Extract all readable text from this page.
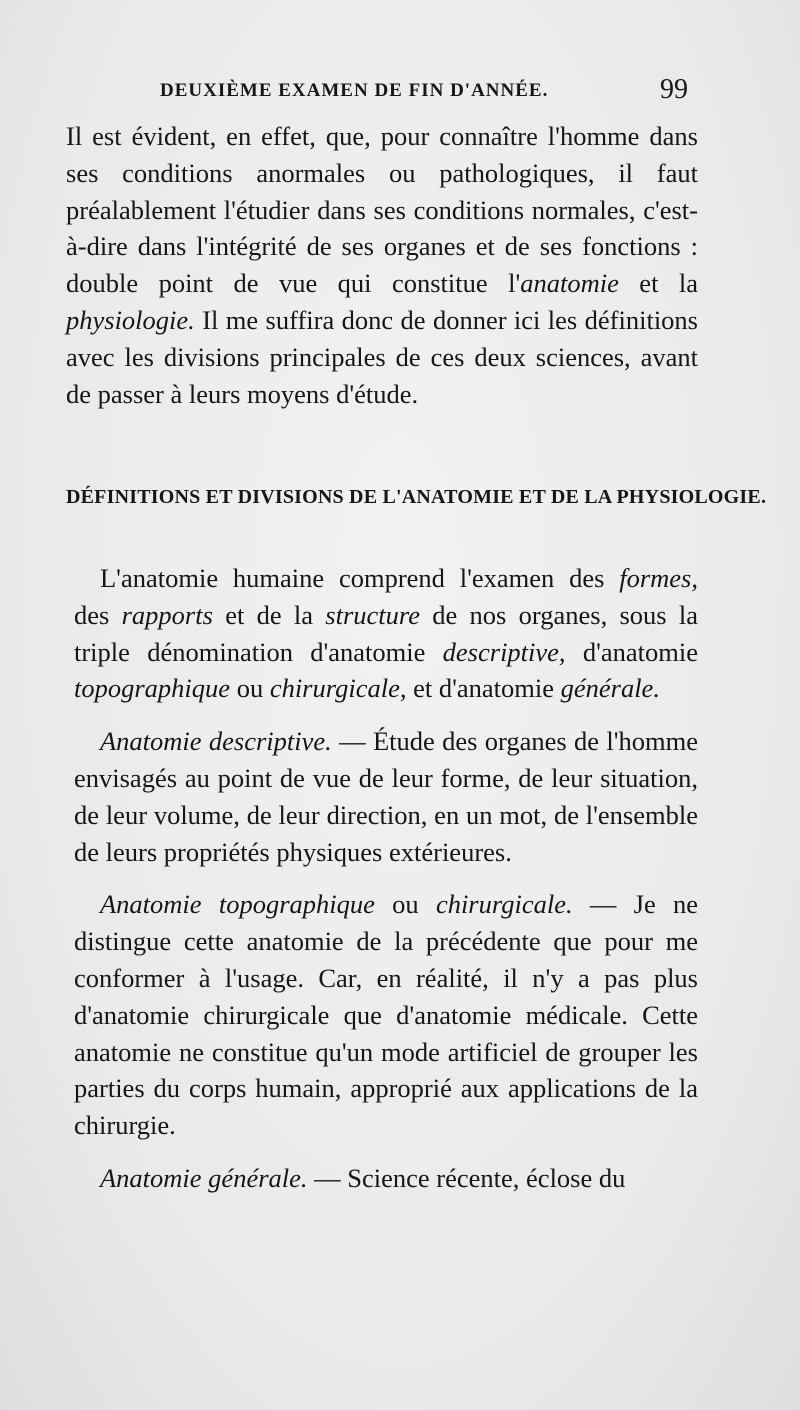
DEUXIÈME EXAMEN DE FIN D'ANNÉE.	99

Il est évident, en effet, que, pour connaître l'homme dans ses conditions anormales ou pathologiques, il faut préalablement l'étudier dans ses conditions normales, c'est-à-dire dans l'intégrité de ses organes et de ses fonctions : double point de vue qui constitue l'anatomie et la physiologie. Il me suffira donc de donner ici les définitions avec les divisions principales de ces deux sciences, avant de passer à leurs moyens d'étude.

DÉFINITIONS ET DIVISIONS DE L'ANATOMIE ET DE LA PHYSIOLOGIE.

L'anatomie humaine comprend l'examen des formes, des rapports et de la structure de nos organes, sous la triple dénomination d'anatomie descriptive, d'anatomie topographique ou chirurgicale, et d'anatomie générale.

Anatomie descriptive. — Étude des organes de l'homme envisagés au point de vue de leur forme, de leur situation, de leur volume, de leur direction, en un mot, de l'ensemble de leurs propriétés physiques extérieures.

Anatomie topographique ou chirurgicale. — Je ne distingue cette anatomie de la précédente que pour me conformer à l'usage. Car, en réalité, il n'y a pas plus d'anatomie chirurgicale que d'anatomie médicale. Cette anatomie ne constitue qu'un mode artificiel de grouper les parties du corps humain, approprié aux applications de la chirurgie.

Anatomie générale. — Science récente, éclose du
